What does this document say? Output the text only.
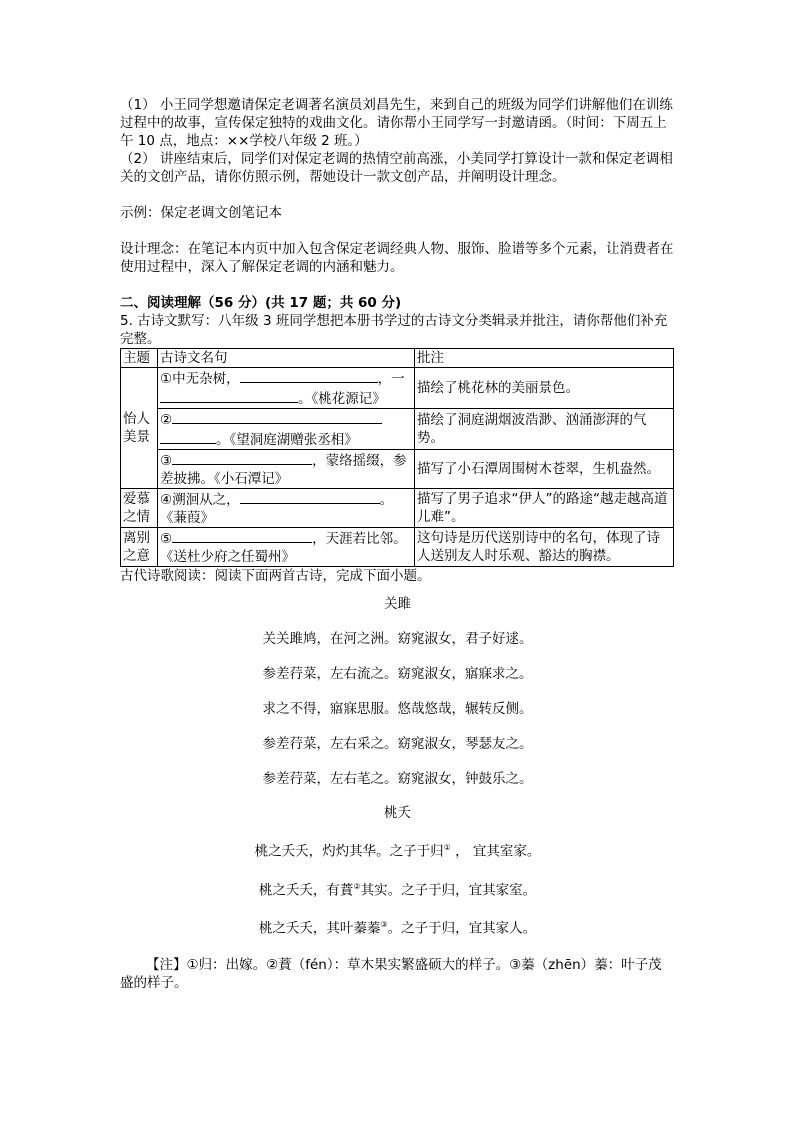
（1） 小王同学想邀请保定老调著名演员刘昌先生，来到自己的班级为同学们讲解他们在训练过程中的故事，宣传保定独特的戏曲文化。请你帮小王同学写一封邀请函。（时间：下周五上午 10 点，地点：××学校八年级 2 班。）

（2） 讲座结束后，同学们对保定老调的热情空前高涨，小美同学打算设计一款和保定老调相关的文创产品，请你仿照示例，帮她设计一款文创产品，并阐明设计理念。

示例：保定老调文创笔记本

设计理念：在笔记本内页中加入包含保定老调经典人物、服饰、脸谱等多个元素，让消费者在使用过程中，深入了解保定老调的内涵和魅力。

二、阅读理解（56 分）(共 17 题；共 60 分)

5. 古诗文默写：八年级 3 班同学想把本册书学过的古诗文分类辑录并批注，请你帮他们补充完整。

主题	古诗文名句	批注
怡人美景	①中无杂树， ，一
。《桃花源记》	描绘了桃花林的美丽景色。
	②
。《望洞庭湖赠张丞相》	描绘了洞庭湖烟波浩渺、汹涌澎湃的气势。
	③ ，蒙络摇缀，参差披拂。《小石潭记》	描写了小石潭周围树木苍翠，生机盎然。
爱慕之情	④溯洄从之， 。《蒹葭》	描写了男子追求“伊人”的路途“越走越高道儿难”。
离别之意	⑤ ，天涯若比邻。《送杜少府之任蜀州》	这句诗是历代送别诗中的名句，体现了诗人送别友人时乐观、豁达的胸襟。

古代诗歌阅读：阅读下面两首古诗，完成下面小题。

关雎

关关雎鸠，在河之洲。窈窕淑女，君子好逑。

参差荇菜，左右流之。窈窕淑女，寤寐求之。

求之不得，寤寐思服。悠哉悠哉，辗转反侧。

参差荇菜，左右采之。窈窕淑女，琴瑟友之。

参差荇菜，左右芼之。窈窕淑女，钟鼓乐之。

桃夭

桃之夭夭，灼灼其华。之子于归① ， 宜其室家。

桃之夭夭，有蕡②其实。之子于归，宜其家室。

桃之夭夭，其叶蓁蓁③。之子于归，宜其家人。

【注】①归：出嫁。②蕡（fén）：草木果实繁盛硕大的样子。③蓁（zhēn）蓁：叶子茂盛的样子。
